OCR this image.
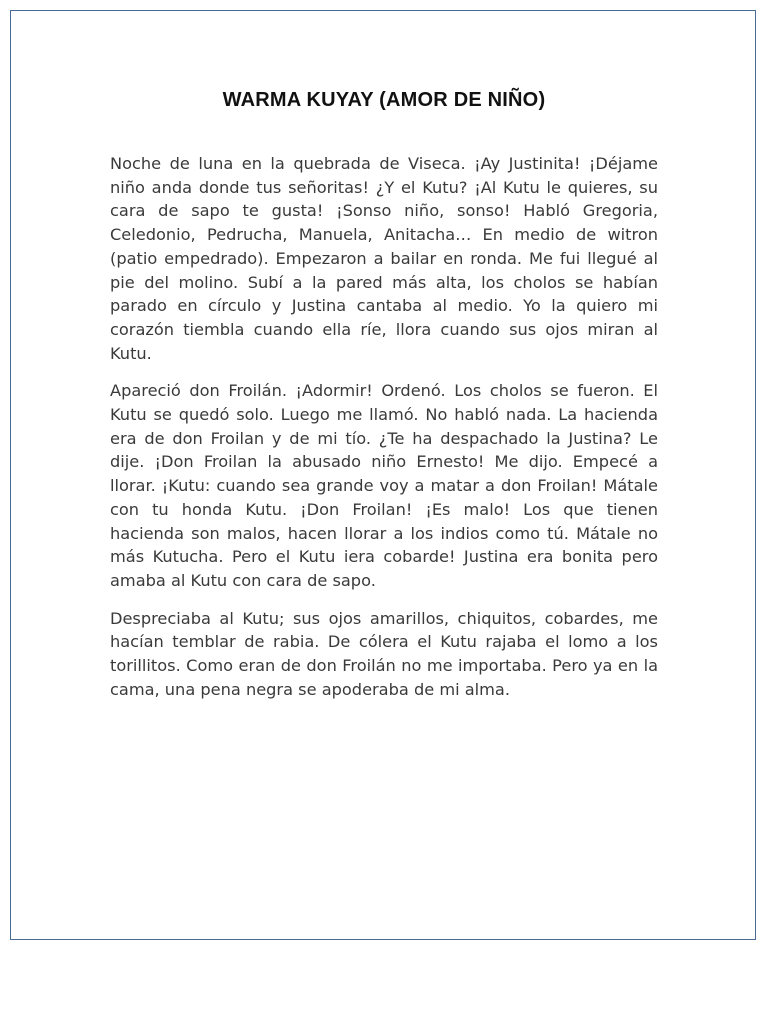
WARMA KUYAY (AMOR DE NIÑO)

Noche de luna en la quebrada de Viseca. ¡Ay Justinita! ¡Déjame niño anda donde tus señoritas! ¿Y el Kutu? ¡Al Kutu le quieres, su cara de sapo te gusta! ¡Sonso niño, sonso! Habló Gregoria, Celedonio, Pedrucha, Manuela, Anitacha… En medio de witron (patio empedrado). Empezaron a bailar en ronda. Me fui llegué al pie del molino. Subí a la pared más alta, los cholos se habían parado en círculo y Justina cantaba al medio. Yo la quiero mi corazón tiembla cuando ella ríe, llora cuando sus ojos miran al Kutu.

Apareció don Froilán. ¡Adormir! Ordenó. Los cholos se fueron. El Kutu se quedó solo. Luego me llamó. No habló nada. La hacienda era de don Froilan y de mi tío. ¿Te ha despachado la Justina? Le dije. ¡Don Froilan la abusado niño Ernesto! Me dijo. Empecé a llorar. ¡Kutu: cuando sea grande voy a matar a don Froilan! Mátale con tu honda Kutu. ¡Don Froilan! ¡Es malo! Los que tienen hacienda son malos, hacen llorar a los indios como tú. Mátale no más Kutucha. Pero el Kutu iera cobarde! Justina era bonita pero amaba al Kutu con cara de sapo.

Despreciaba al Kutu; sus ojos amarillos, chiquitos, cobardes, me hacían temblar de rabia. De cólera el Kutu rajaba el lomo a los torillitos. Como eran de don Froilán no me importaba. Pero ya en la cama, una pena negra se apoderaba de mi alma.
